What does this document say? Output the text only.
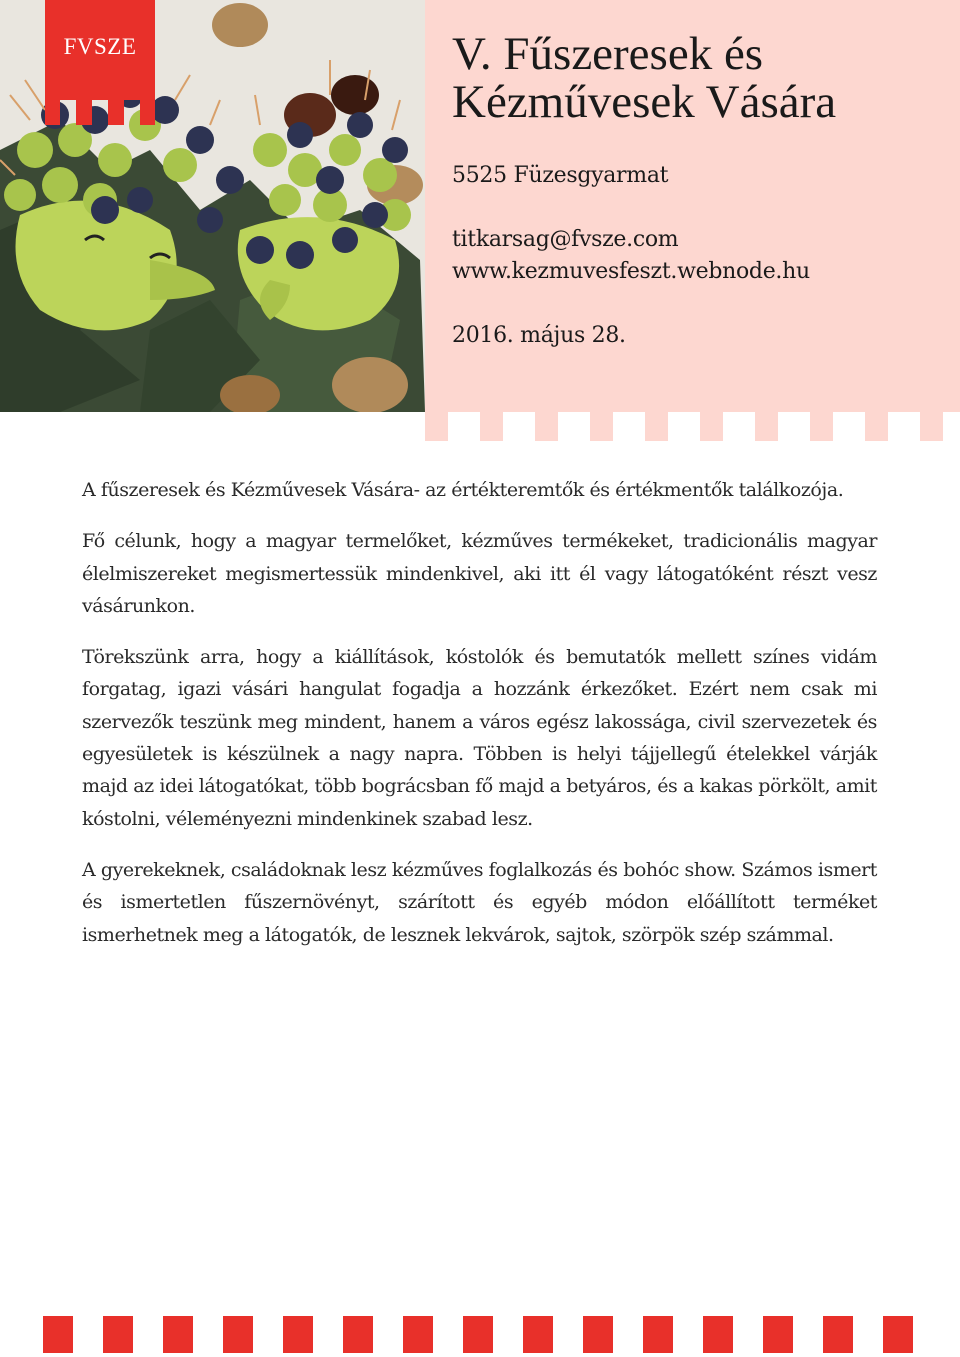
FVSZE	V. Fűszeresek és
Kézművesek Vására
5525 Füzesgyarmat
titkarsag@fvsze.com
www.kezmuvesfeszt.webnode.hu
2016. május 28.

A fűszeresek és Kézművesek Vására- az értékteremtők és értékmentők találkozója.

Fő célunk, hogy a magyar termelőket, kézműves termékeket, tradicionális magyar élelmiszereket megismertessük mindenkivel, aki itt él vagy látogatóként részt vesz vásárunkon.

Törekszünk arra, hogy a kiállítások, kóstolók és bemutatók mellett színes vidám forgatag, igazi vásári hangulat fogadja a hozzánk érkezőket. Ezért nem csak mi szervezők teszünk meg mindent, hanem a város egész lakossága, civil szervezetek és egyesületek is készülnek a nagy napra. Többen is helyi tájjellegű ételekkel várják majd az idei látogatókat, több bográcsban fő majd a betyáros, és a kakas pörkölt, amit kóstolni, véleményezni mindenkinek szabad lesz.

A gyerekeknek, családoknak lesz kézműves foglalkozás és bohóc show. Számos ismert és ismertetlen fűszernövényt, szárított és egyéb módon előállított terméket ismerhetnek meg a látogatók, de lesznek lekvárok, sajtok, szörpök szép számmal.
